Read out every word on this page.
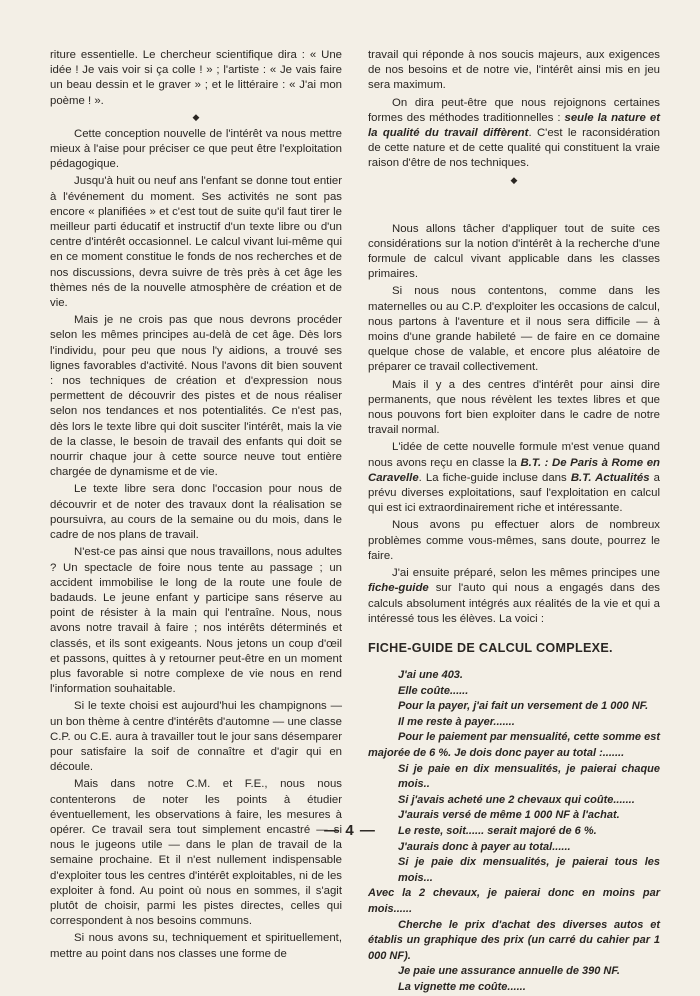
riture essentielle. Le chercheur scientifique dira : « Une idée ! Je vais voir si ça colle ! » ; l'artiste : « Je vais faire un beau dessin et le graver » ; et le littéraire : « J'ai mon poème ! ».

◆

Cette conception nouvelle de l'intérêt va nous mettre mieux à l'aise pour préciser ce que peut être l'exploitation pédagogique.

Jusqu'à huit ou neuf ans l'enfant se donne tout entier à l'événement du moment. Ses activités ne sont pas encore « planifiées » et c'est tout de suite qu'il faut tirer le meilleur parti éducatif et instructif d'un texte libre ou d'un centre d'intérêt occasionnel. Le calcul vivant lui-même qui en ce moment constitue le fonds de nos recherches et de nos discussions, devra suivre de très près à cet âge les thèmes nés de la nouvelle atmosphère de création et de vie.

Mais je ne crois pas que nous devrons procéder selon les mêmes principes au-delà de cet âge. Dès lors l'individu, pour peu que nous l'y aidions, a trouvé ses lignes favorables d'activité. Nous l'avons dit bien souvent : nos techniques de création et d'expression nous permettent de découvrir des pistes et de nous réaliser selon nos tendances et nos potentialités. Ce n'est pas, dès lors le texte libre qui doit susciter l'intérêt, mais la vie de la classe, le besoin de travail des enfants qui doit se nourrir chaque jour à cette source neuve tout entière chargée de dynamisme et de vie.

Le texte libre sera donc l'occasion pour nous de découvrir et de noter des travaux dont la réalisation se poursuivra, au cours de la semaine ou du mois, dans le cadre de nos plans de travail.

N'est-ce pas ainsi que nous travaillons, nous adultes ? Un spectacle de foire nous tente au passage ; un accident immobilise le long de la route une foule de badauds. Le jeune enfant y participe sans réserve au point de résister à la main qui l'entraîne. Nous, nous avons notre travail à faire ; nos intérêts déterminés et classés, et ils sont exigeants. Nous jetons un coup d'œil et passons, quittes à y retourner peut-être en un moment plus favorable si notre complexe de vie nous en rend l'information souhaitable.

Si le texte choisi est aujourd'hui les champignons — un bon thème à centre d'intérêts d'automne — une classe C.P. ou C.E. aura à travailler tout le jour sans désemparer pour satisfaire la soif de connaître et d'agir qui en découle.

Mais dans notre C.M. et F.E., nous nous contenterons de noter les points à étudier éventuellement, les observations à faire, les mesures à opérer. Ce travail sera tout simplement encastré — si nous le jugeons utile — dans le plan de travail de la semaine prochaine. Et il n'est nullement indispensable d'exploiter tous les centres d'intérêt exploitables, ni de les exploiter à fond. Au point où nous en sommes, il s'agit plutôt de choisir, parmi les pistes directes, celles qui correspondent à nos besoins communs.

Si nous avons su, techniquement et spirituellement, mettre au point dans nos classes une forme de

travail qui réponde à nos soucis majeurs, aux exigences de nos besoins et de notre vie, l'intérêt ainsi mis en jeu sera maximum.

On dira peut-être que nous rejoignons certaines formes des méthodes traditionnelles : seule la nature et la qualité du travail diffèrent. C'est le raconsidération de cette nature et de cette qualité qui constituent la vraie raison d'être de nos techniques.

◆

Nous allons tâcher d'appliquer tout de suite ces considérations sur la notion d'intérêt à la recherche d'une formule de calcul vivant applicable dans les classes primaires.

Si nous nous contentons, comme dans les maternelles ou au C.P. d'exploiter les occasions de calcul, nous partons à l'aventure et il nous sera difficile — à moins d'une grande habileté — de faire en ce domaine quelque chose de valable, et encore plus aléatoire de préparer ce travail collectivement.

Mais il y a des centres d'intérêt pour ainsi dire permanents, que nous révèlent les textes libres et que nous pouvons fort bien exploiter dans le cadre de notre travail normal.

L'idée de cette nouvelle formule m'est venue quand nous avons reçu en classe la B.T. : De Paris à Rome en Caravelle. La fiche-guide incluse dans B.T. Actualités a prévu diverses exploitations, sauf l'exploitation en calcul qui est ici extraordinairement riche et intéressante.

Nous avons pu effectuer alors de nombreux problèmes comme vous-mêmes, sans doute, pourrez le faire.

J'ai ensuite préparé, selon les mêmes principes une fiche-guide sur l'auto qui nous a engagés dans des calculs absolument intégrés aux réalités de la vie et qui a intéressé tous les élèves. La voici :

FICHE-GUIDE DE CALCUL COMPLEXE.
J'ai une 403.
Elle coûte......
Pour la payer, j'ai fait un versement de 1 000 NF.
Il me reste à payer.......
Pour le paiement par mensualité, cette somme est majorée de 6 %. Je dois donc payer au total :.......
Si je paie en dix mensualités, je paierai chaque mois..
Si j'avais acheté une 2 chevaux qui coûte.......
J'aurais versé de même 1 000 NF à l'achat.
Le reste, soit...... serait majoré de 6 %.
J'aurais donc à payer au total......
Si je paie dix mensualités, je paierai tous les mois...
Avec la 2 chevaux, je paierai donc en moins par mois......
Cherche le prix d'achat des diverses autos et établis un graphique des prix (un carré du cahier par 1 000 NF).
Je paie une assurance annuelle de 390 NF.
La vignette me coûte......
— 4 —
